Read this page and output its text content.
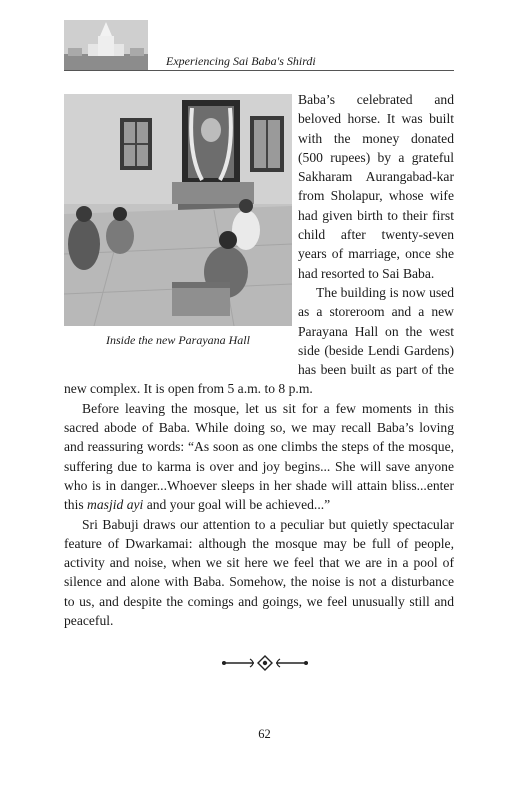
Experiencing Sai Baba's Shirdi
Inside the new Parayana Hall

Baba’s celebrated and beloved horse. It was built with the money donated (500 rupees) by a grateful Sakharam Aurangabad-kar from Sholapur, whose wife had given birth to their first child after twenty-seven years of marriage, once she had resorted to Sai Baba.

The building is now used as a storeroom and a new Parayana Hall on the west side (beside Lendi Gardens) has been built as part of the new complex. It is open from 5 a.m. to 8 p.m.

Before leaving the mosque, let us sit for a few moments in this sacred abode of Baba. While doing so, we may recall Baba’s loving and reassuring words: “As soon as one climbs the steps of the mosque, suffering due to karma is over and joy begins... She will save anyone who is in danger...Whoever sleeps in her shade will attain bliss...enter this masjid ayi and your goal will be achieved...”

Sri Babuji draws our attention to a peculiar but quietly spectacular feature of Dwarkamai: although the mosque may be full of people, activity and noise, when we sit here we feel that we are in a pool of silence and alone with Baba. Somehow, the noise is not a disturbance to us, and despite the comings and goings, we feel unusually still and peaceful.

62
